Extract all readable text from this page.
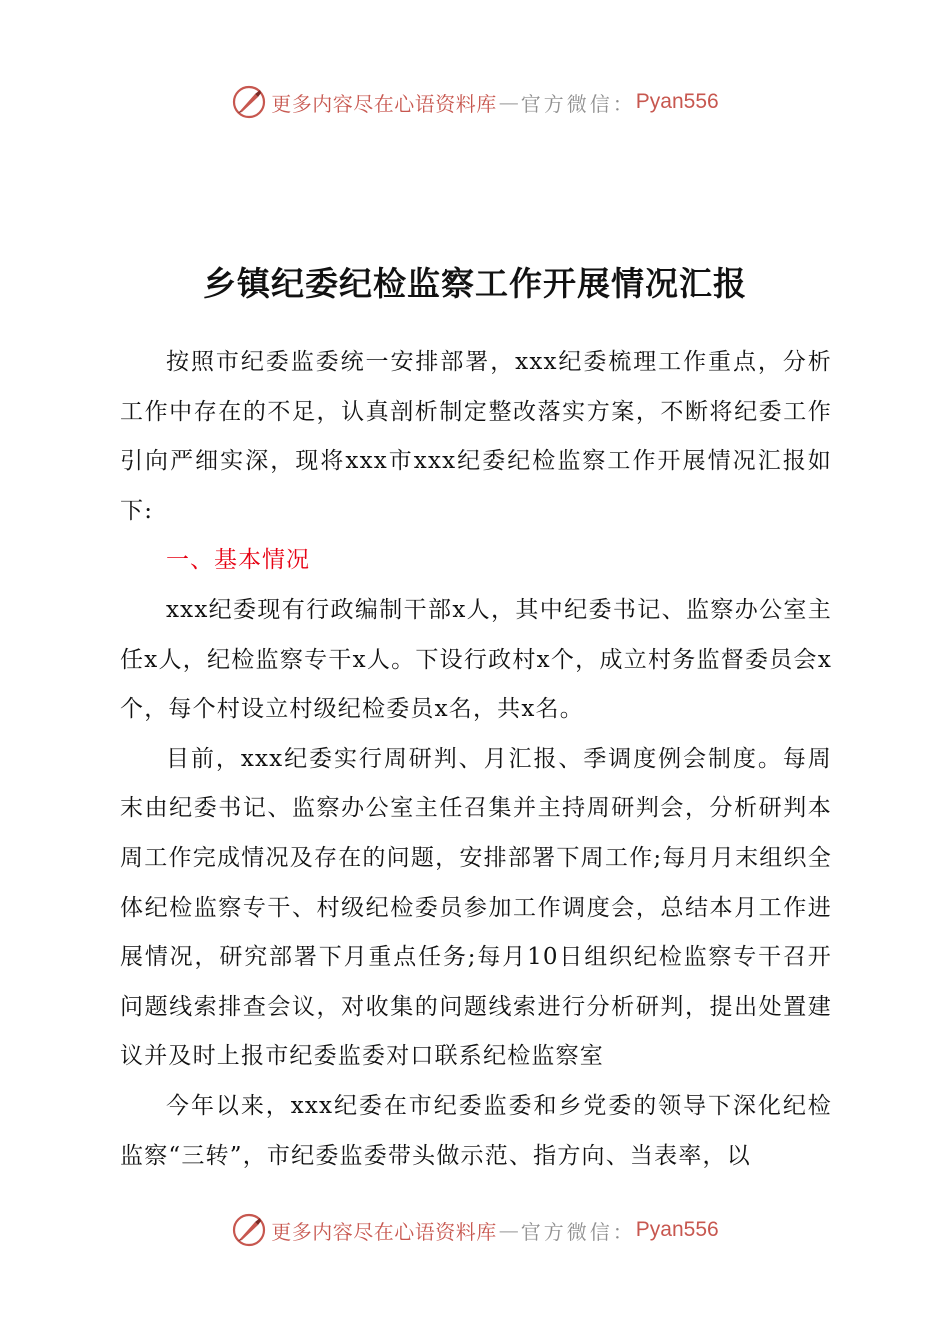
更多内容尽在心语资料库 — 官方微信： Pyan556
乡镇纪委纪检监察工作开展情况汇报

按照市纪委监委统一安排部署，xxx纪委梳理工作重点，分析工作中存在的不足，认真剖析制定整改落实方案，不断将纪委工作引向严细实深，现将xxx市xxx纪委纪检监察工作开展情况汇报如下:

一、基本情况

xxx纪委现有行政编制干部x人，其中纪委书记、监察办公室主任x人，纪检监察专干x人。下设行政村x个，成立村务监督委员会x个，每个村设立村级纪检委员x名，共x名。

目前，xxx纪委实行周研判、月汇报、季调度例会制度。每周末由纪委书记、监察办公室主任召集并主持周研判会，分析研判本周工作完成情况及存在的问题，安排部署下周工作;每月月末组织全体纪检监察专干、村级纪检委员参加工作调度会，总结本月工作进展情况，研究部署下月重点任务;每月10日组织纪检监察专干召开问题线索排查会议，对收集的问题线索进行分析研判，提出处置建议并及时上报市纪委监委对口联系纪检监察室

今年以来，xxx纪委在市纪委监委和乡党委的领导下深化纪检监察“三转”，市纪委监委带头做示范、指方向、当表率，以

更多内容尽在心语资料库 — 官方微信： Pyan556
